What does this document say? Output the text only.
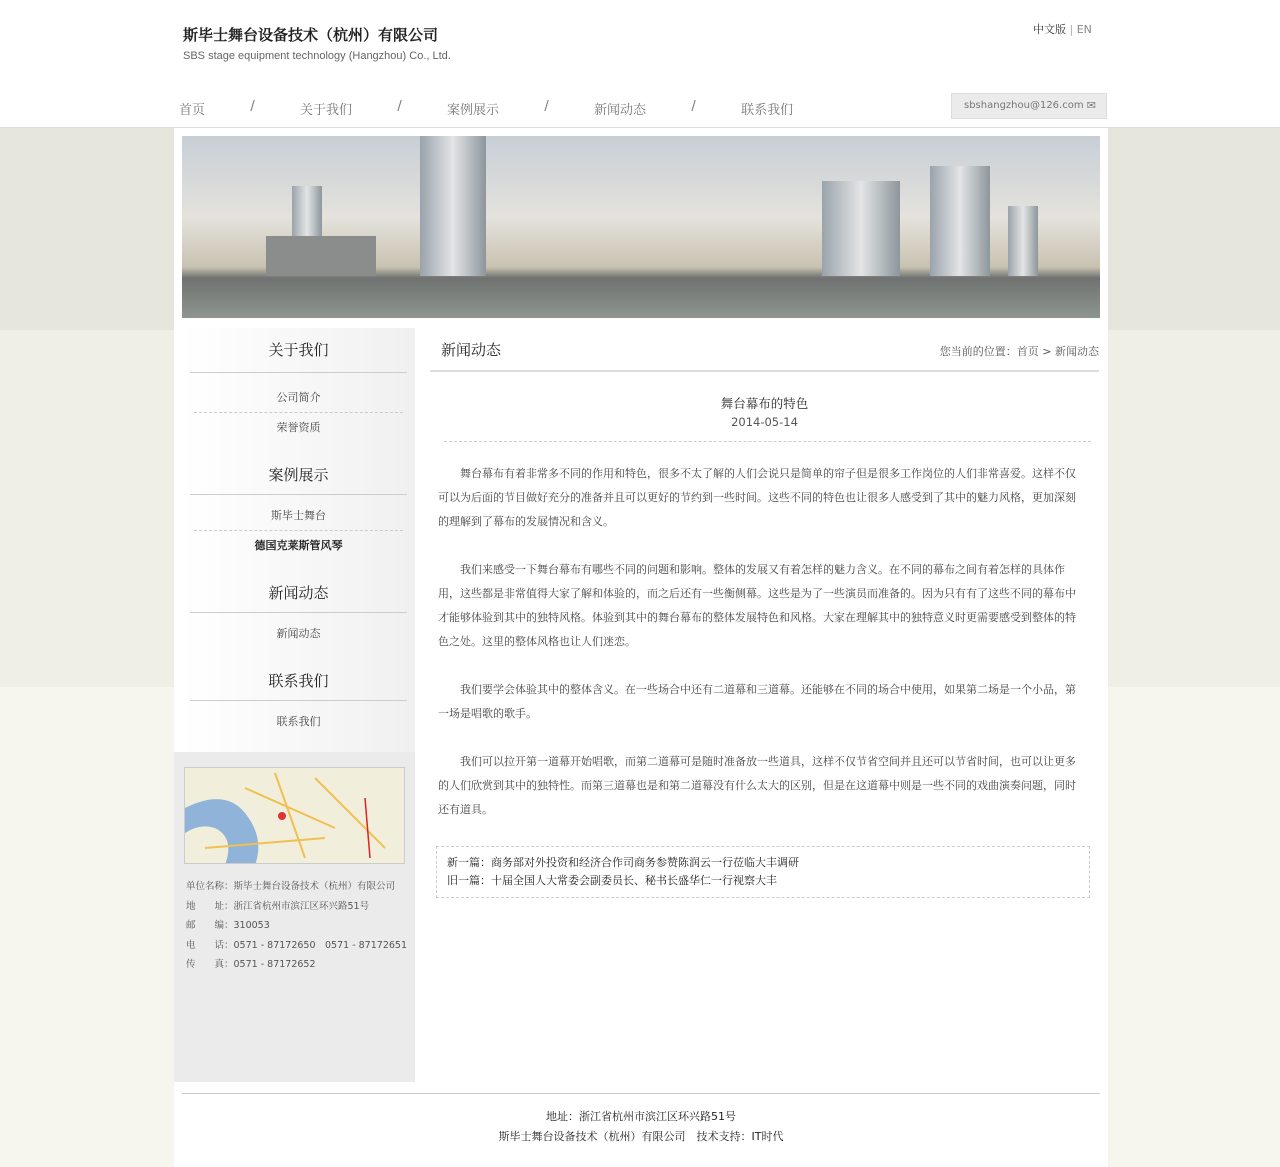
斯毕士舞台设备技术（杭州）有限公司
SBS stage equipment technology (Hangzhou) Co., Ltd.
中文版 | EN
首页	/	关于我们	/	案例展示	/	新闻动态	/	联系我们	sbshangzhou@126.com ✉
关于我们
公司简介
荣誉资质
案例展示
斯毕士舞台
德国克莱斯管风琴
新闻动态
新闻动态
联系我们
联系我们
单位名称：斯毕士舞台设备技术（杭州）有限公司
地　　址：浙江省杭州市滨江区环兴路51号
邮　　编：310053
电　　话：0571 - 87172650　0571 - 87172651
传　　真：0571 - 87172652
新闻动态	您当前的位置：首页 > 新闻动态
舞台幕布的特色
2014-05-14

舞台幕布有着非常多不同的作用和特色，很多不太了解的人们会说只是简单的帘子但是很多工作岗位的人们非常喜爱。这样不仅可以为后面的节目做好充分的准备并且可以更好的节约到一些时间。这些不同的特色也让很多人感受到了其中的魅力风格，更加深刻的理解到了幕布的发展情况和含义。

我们来感受一下舞台幕布有哪些不同的问题和影响。整体的发展又有着怎样的魅力含义。在不同的幕布之间有着怎样的具体作用，这些都是非常值得大家了解和体验的，而之后还有一些衡侧幕。这些是为了一些演员而准备的。因为只有有了这些不同的幕布中才能够体验到其中的独特风格。体验到其中的舞台幕布的整体发展特色和风格。大家在理解其中的独特意义时更需要感受到整体的特色之处。这里的整体风格也让人们迷恋。

我们要学会体验其中的整体含义。在一些场合中还有二道幕和三道幕。还能够在不同的场合中使用，如果第二场是一个小品，第一场是唱歌的歌手。

我们可以拉开第一道幕开始唱歌，而第二道幕可是随时准备放一些道具，这样不仅节省空间并且还可以节省时间，也可以让更多的人们欣赏到其中的独特性。而第三道幕也是和第二道幕没有什么太大的区别，但是在这道幕中则是一些不同的戏曲演奏问题，同时还有道具。

新一篇：商务部对外投资和经济合作司商务参赞陈润云一行莅临大丰调研
旧一篇：十届全国人大常委会副委员长、秘书长盛华仁一行视察大丰
地址：浙江省杭州市滨江区环兴路51号
斯毕士舞台设备技术（杭州）有限公司　技术支持：IT时代
